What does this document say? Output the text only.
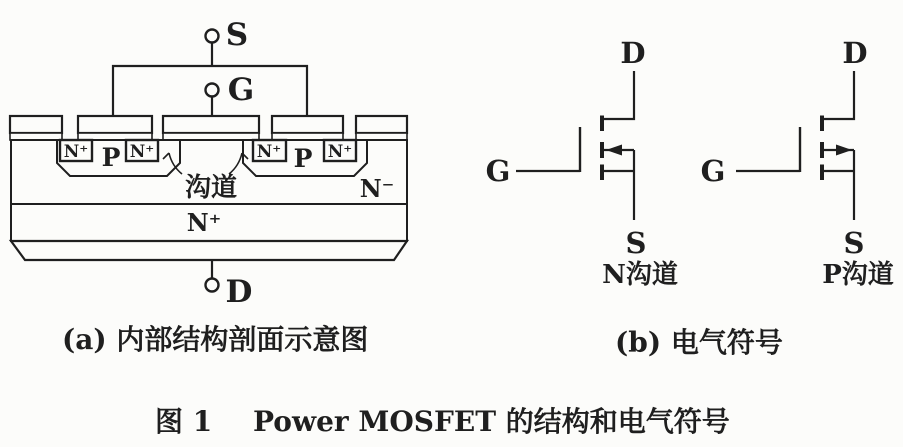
S
G
N⁺ N⁺
P	N⁺	N⁺
P
沟道	N⁻
N⁺
D
(a) 内部结构剖面示意图
D
G
S
N沟道
D
G
S
P沟道
(b) 电气符号
图 1 Power MOSFET 的结构和电气符号
